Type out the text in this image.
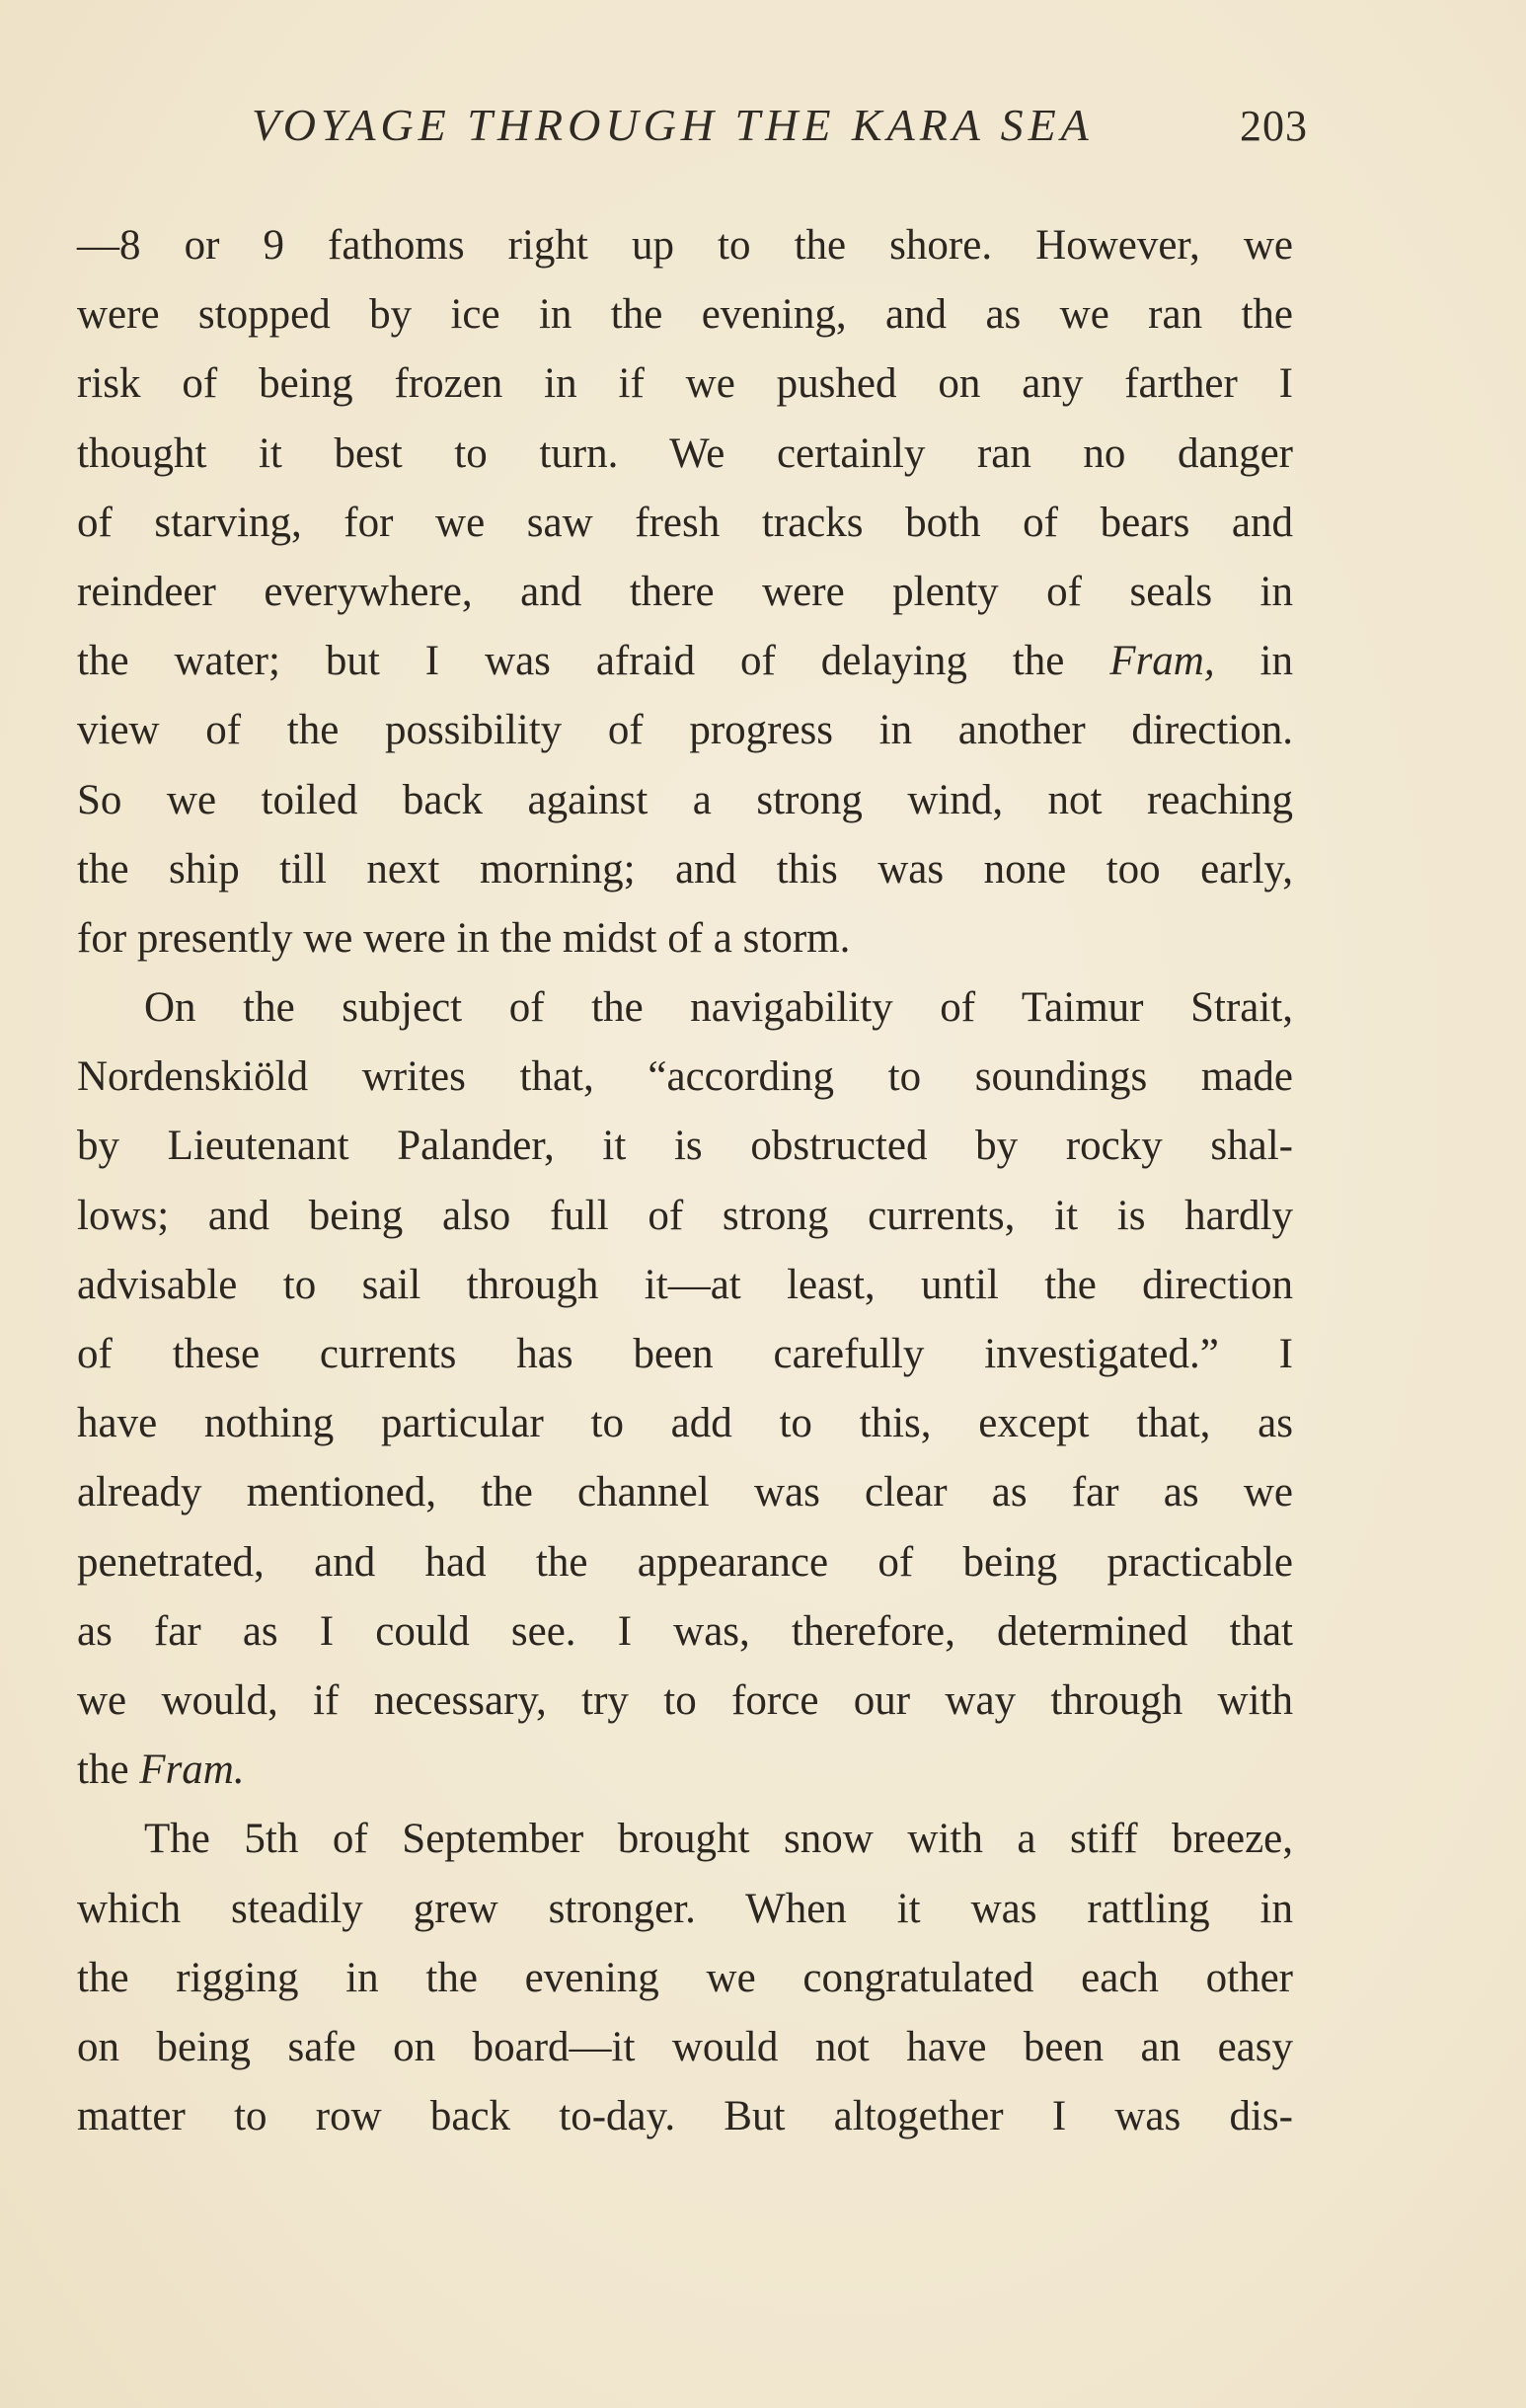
VOYAGE THROUGH THE KARA SEA	203
—8 or 9 fathoms right up to the shore. However, we
were stopped by ice in the evening, and as we ran the
risk of being frozen in if we pushed on any farther I
thought it best to turn. We certainly ran no danger
of starving, for we saw fresh tracks both of bears and
reindeer everywhere, and there were plenty of seals in
the water; but I was afraid of delaying the Fram, in
view of the possibility of progress in another direction.
So we toiled back against a strong wind, not reaching
the ship till next morning; and this was none too early,
for presently we were in the midst of a storm.
On the subject of the navigability of Taimur Strait,
Nordenskiöld writes that, “according to soundings made
by Lieutenant Palander, it is obstructed by rocky shal-
lows; and being also full of strong currents, it is hardly
advisable to sail through it—at least, until the direction
of these currents has been carefully investigated.” I
have nothing particular to add to this, except that, as
already mentioned, the channel was clear as far as we
penetrated, and had the appearance of being practicable
as far as I could see. I was, therefore, determined that
we would, if necessary, try to force our way through with
the Fram.
The 5th of September brought snow with a stiff breeze,
which steadily grew stronger. When it was rattling in
the rigging in the evening we congratulated each other
on being safe on board—it would not have been an easy
matter to row back to-day. But altogether I was dis-
